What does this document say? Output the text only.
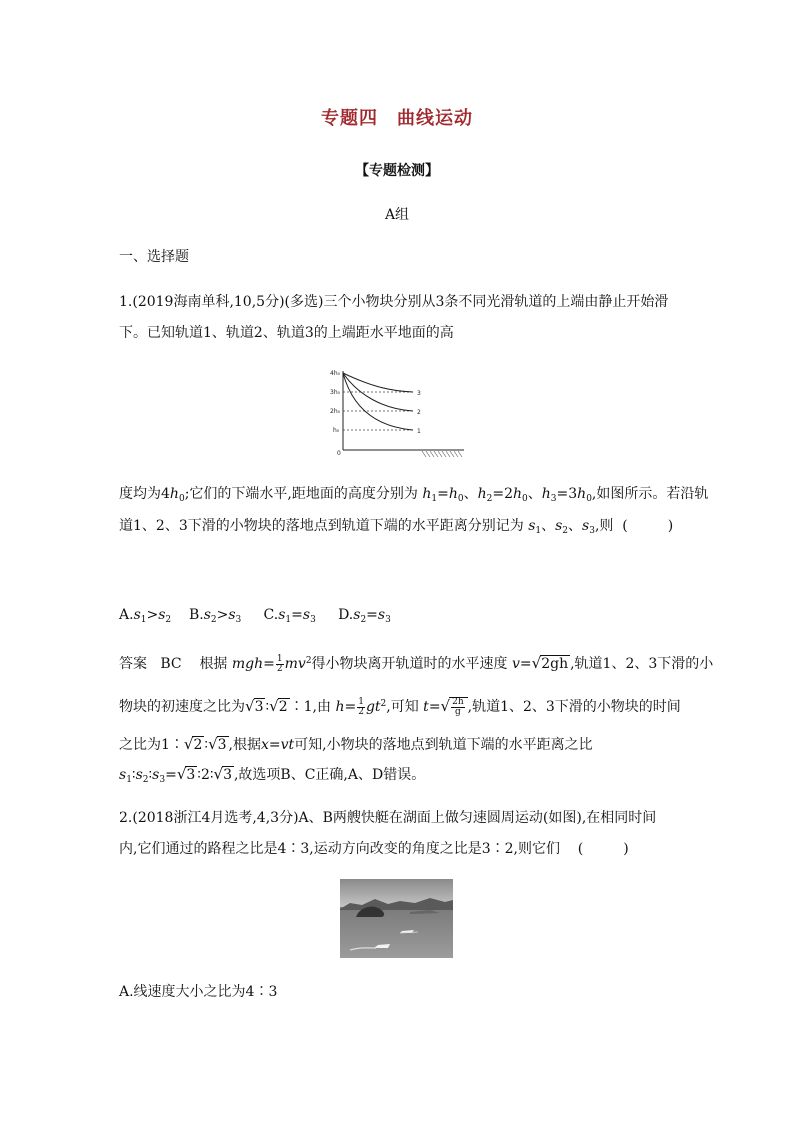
专题四　曲线运动
【专题检测】
A组
一、选择题
1.(2019海南单科,10,5分)(多选)三个小物块分别从3条不同光滑轨道的上端由静止开始滑
下。已知轨道1、轨道2、轨道3的上端距水平地面的高
4h₀
3h₀
2h₀
h₀
0
3
2
1
度均为$4h_0$;它们的下端水平,距地面的高度分别为 $h_1=h_0$、$h_2=2h_0$、$h_3=3h_0$,如图所示。若沿轨
道1、2、3下滑的小物块的落地点到轨道下端的水平距离分别记为 $s_1$、$s_2$、$s_3$,则  (	)
$A.s_1>s_2$ $B.s_2>s_3$ $C.s_1=s_3$ $D.s_2=s_3$
答案 BC 根据 $mgh= \frac{1}{2} mv^2$得小物块离开轨道时的水平速度 v=√2gh ,轨道1、2、3下滑的小
物块的初速度之比为√3 ∶√2 ∶1,由 $h= \frac{1}{2} gt^2$,可知 $t=√ \frac{2h}{g}$ ,轨道1、2、3下滑的小物块的时间
之比为1∶√2 ∶√3 ,根据x=vt可知,小物块的落地点到轨道下端的水平距离之比
$s_1∶s_2∶s_3=√3$ ∶2∶√3 ,故选项B、C正确,A、D错误。
2.(2018浙江4月选考,4,3分)A、B两艘快艇在湖面上做匀速圆周运动(如图),在相同时间
内,它们通过的路程之比是4∶3,运动方向改变的角度之比是3∶2,则它们    (	)
A.线速度大小之比为4∶3
